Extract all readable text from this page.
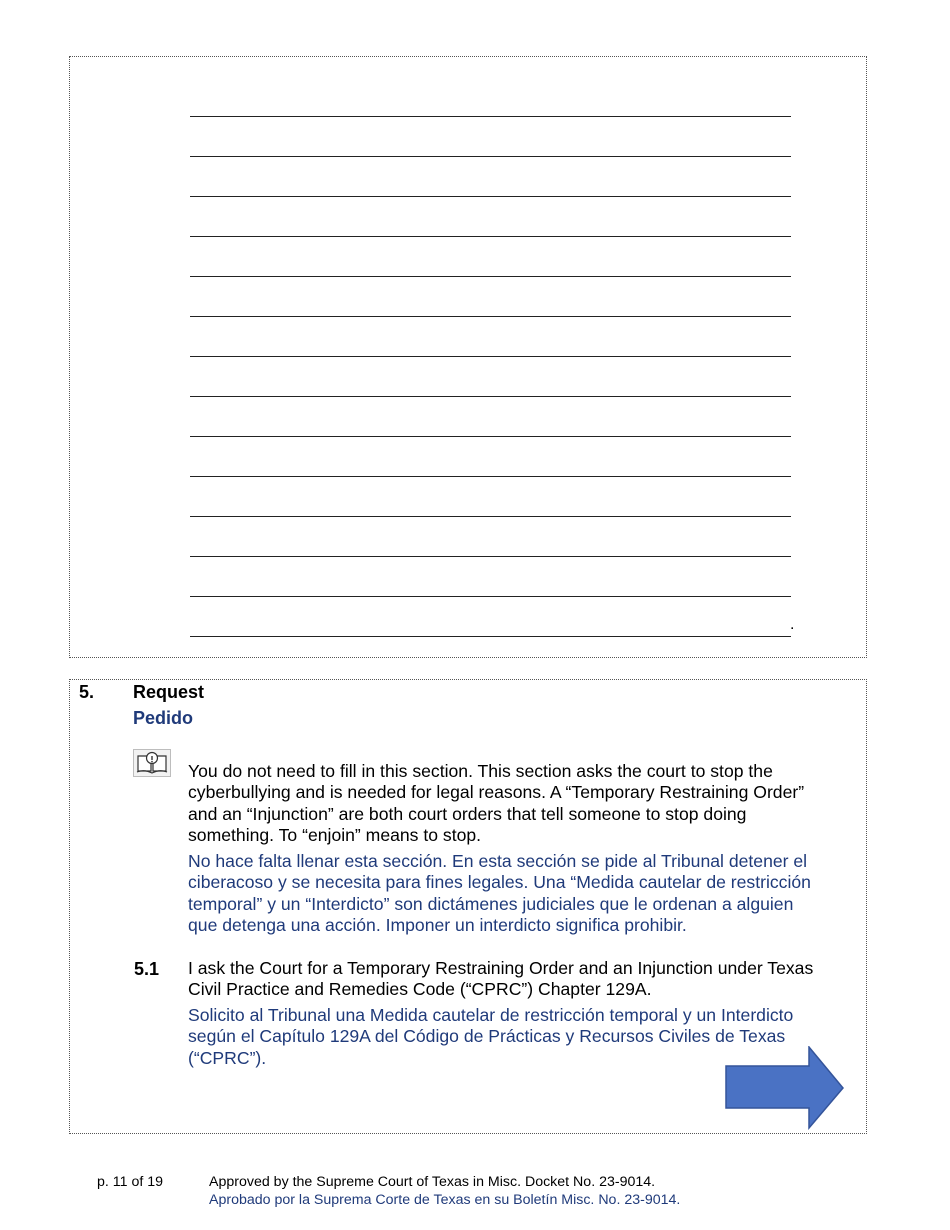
.
5. Request
Pedido
You do not need to fill in this section. This section asks the court to stop the
cyberbullying and is needed for legal reasons. A “Temporary Restraining Order”
and an “Injunction” are both court orders that tell someone to stop doing
something. To “enjoin” means to stop.
No hace falta llenar esta sección. En esta sección se pide al Tribunal detener el
ciberacoso y se necesita para fines legales. Una “Medida cautelar de restricción
temporal” y un “Interdicto” son dictámenes judiciales que le ordenan a alguien
que detenga una acción. Imponer un interdicto significa prohibir.
5.1 I ask the Court for a Temporary Restraining Order and an Injunction under Texas
Civil Practice and Remedies Code (“CPRC”) Chapter 129A.
Solicito al Tribunal una Medida cautelar de restricción temporal y un Interdicto
según el Capítulo 129A del Código de Prácticas y Recursos Civiles de Texas
(“CPRC”).
p. 11 of 19	Approved by the Supreme Court of Texas in Misc. Docket No. 23-9014.
Aprobado por la Suprema Corte de Texas en su Boletín Misc. No. 23-9014.
